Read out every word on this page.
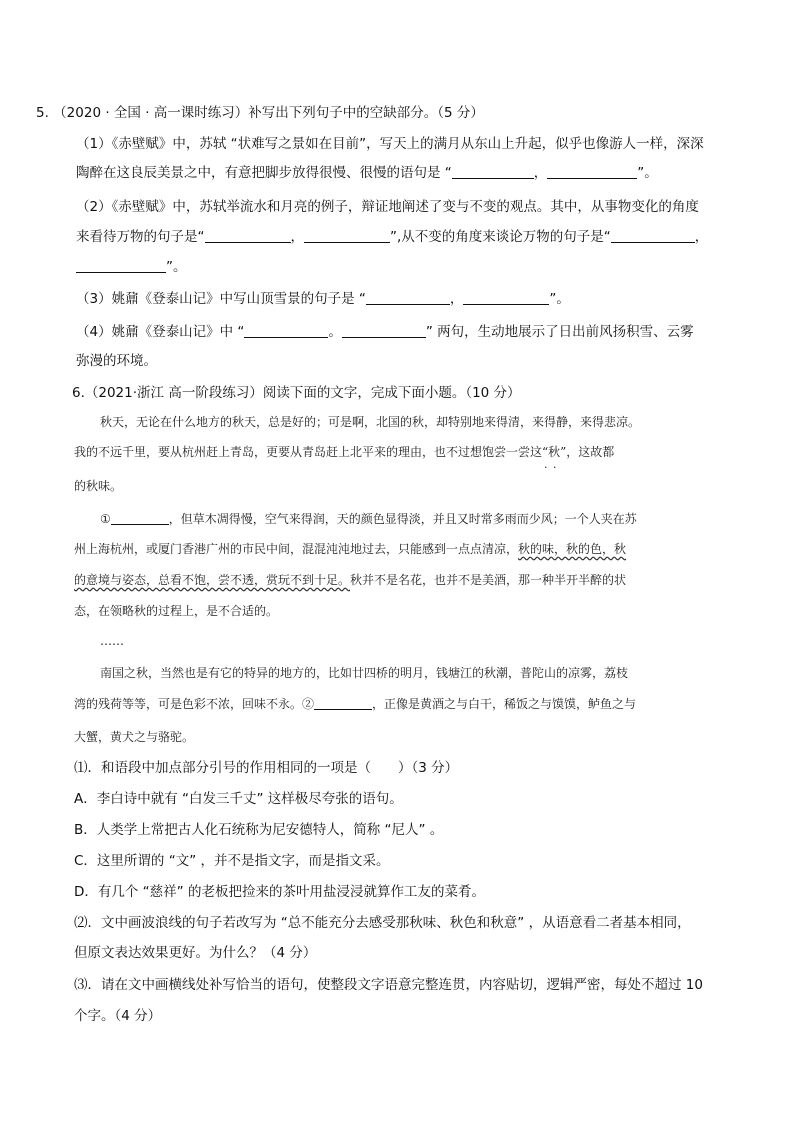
5. （2020 · 全国 · 高一课时练习）补写出下列句子中的空缺部分。（5 分）
（1）《赤壁赋》中，苏轼 “状难写之景如在目前”，写天上的满月从东山上升起，似乎也像游人一样，深深
陶醉在这良辰美景之中，有意把脚步放得很慢、很慢的语句是 “	，	”。
（2）《赤壁赋》中，苏轼举流水和月亮的例子，辩证地阐述了变与不变的观点。其中，从事物变化的角度
来看待万物的句子是“	，	”,从不变的角度来谈论万物的句子是“	，
”。
（3）姚鼐《登泰山记》中写山顶雪景的句子是 “	，	”。
（4）姚鼐《登泰山记》中 “	。	” 两句，生动地展示了日出前风扬积雪、云雾
弥漫的环境。
6.（2021·浙江 高一阶段练习）阅读下面的文字，完成下面小题。（10 分）
秋天，无论在什么地方的秋天，总是好的；可是啊，北国的秋，却特别地来得清，来得静，来得悲凉。
我的不远千里，要从杭州赶上青岛，更要从青岛赶上北平来的理由，也不过想饱尝一尝这“秋” · ·，这故都
的秋味。
①	，但草木凋得慢，空气来得润，天的颜色显得淡，并且又时常多雨而少风；一个人夹在苏
州上海杭州，或厦门香港广州的市民中间，混混沌沌地过去，只能感到一点点清凉，秋的味，秋的色，秋
的意境与姿态，总看不饱，尝不透，赏玩不到十足。秋并不是名花，也并不是美酒，那一种半开半醉的状
态，在领略秋的过程上，是不合适的。
……
南国之秋，当然也是有它的特异的地方的，比如廿四桥的明月，钱塘江的秋潮，普陀山的凉雾，荔枝
湾的残荷等等，可是色彩不浓，回味不永。②	，正像是黄酒之与白干，稀饭之与馍馍，鲈鱼之与
大蟹，黄犬之与骆驼。
⑴．和语段中加点部分引号的作用相同的一项是（　　）（3 分）
A．李白诗中就有 “白发三千丈” 这样极尽夸张的语句。
B．人类学上常把古人化石统称为尼安德特人，简称 “尼人” 。
C．这里所谓的 “文” ，并不是指文字，而是指文采。
D．有几个 “慈祥” 的老板把捡来的茶叶用盐浸浸就算作工友的菜肴。
⑵．文中画波浪线的句子若改写为 “总不能充分去感受那秋味、秋色和秋意” ，从语意看二者基本相同，
但原文表达效果更好。为什么？（4 分）
⑶．请在文中画横线处补写恰当的语句，使整段文字语意完整连贯，内容贴切，逻辑严密，每处不超过 10
个字。（4 分）
